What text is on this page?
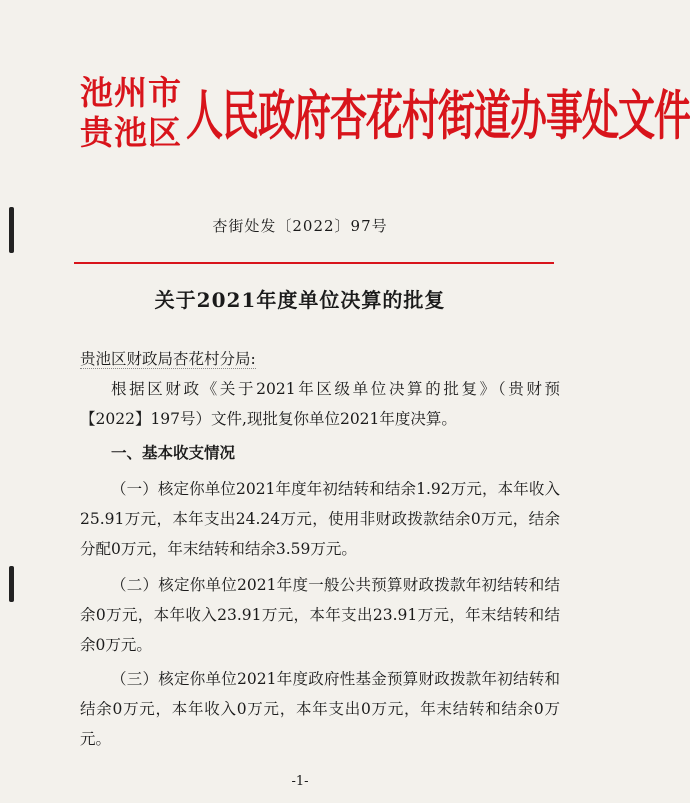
池州市
贵池区 人民政府杏花村街道办事处文件
杏街处发〔2022〕97号
关于2021年度单位决算的批复
贵池区财政局杏花村分局:
根据区财政《关于2021年区级单位决算的批复》（贵财预【2022】197号）文件,现批复你单位2021年度决算。
一、基本收支情况
（一）核定你单位2021年度年初结转和结余1.92万元，本年收入25.91万元，本年支出24.24万元，使用非财政拨款结余0万元，结余分配0万元，年末结转和结余3.59万元。
（二）核定你单位2021年度一般公共预算财政拨款年初结转和结余0万元，本年收入23.91万元，本年支出23.91万元，年末结转和结余0万元。
（三）核定你单位2021年度政府性基金预算财政拨款年初结转和结余0万元，本年收入0万元，本年支出0万元，年末结转和结余0万元。
-1-
